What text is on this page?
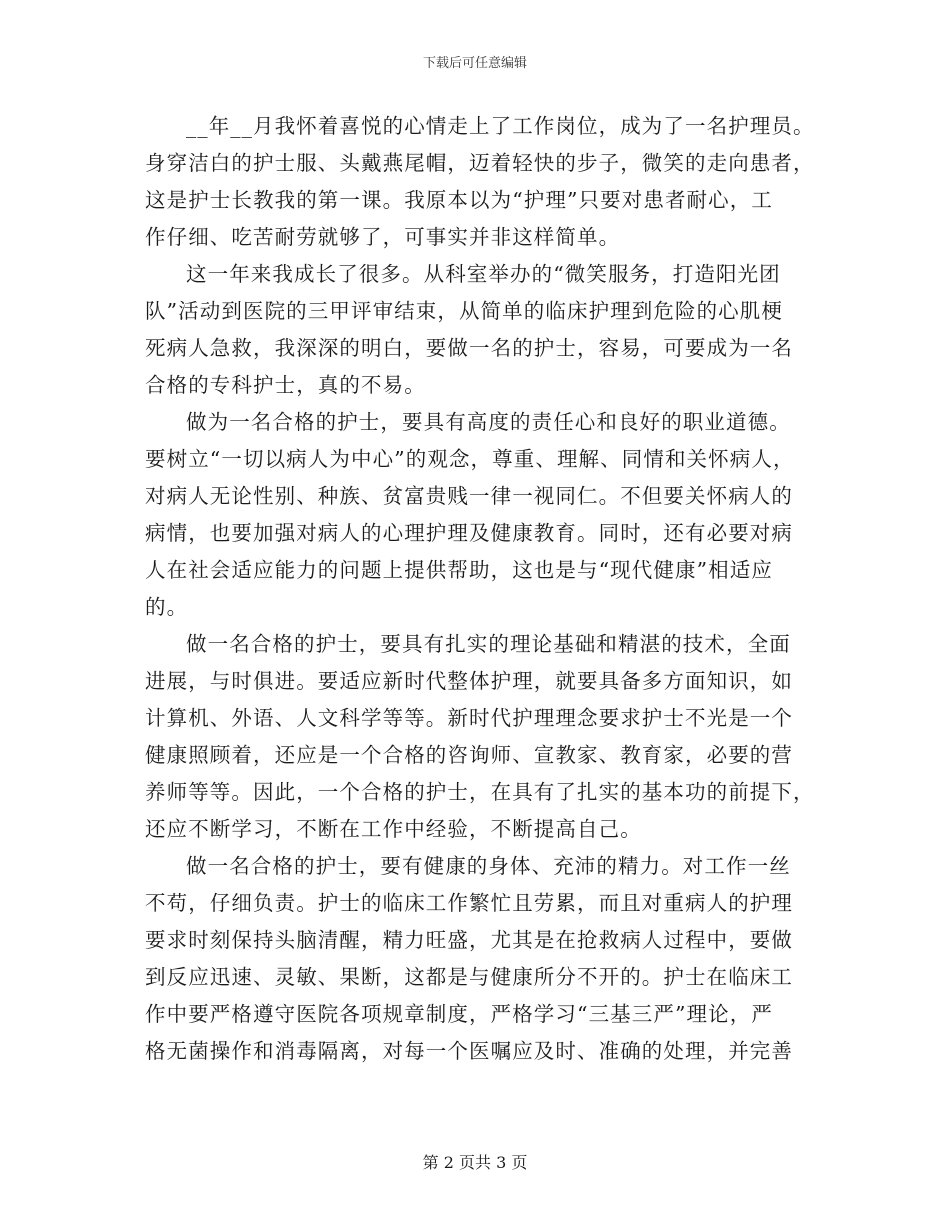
下载后可任意编辑
__年__月我怀着喜悦的心情走上了工作岗位，成为了一名护理员。
身穿洁白的护士服、头戴燕尾帽，迈着轻快的步子，微笑的走向患者，
这是护士长教我的第一课。我原本以为“护理”只要对患者耐心，工
作仔细、吃苦耐劳就够了，可事实并非这样简单。
这一年来我成长了很多。从科室举办的“微笑服务，打造阳光团
队”活动到医院的三甲评审结束，从简单的临床护理到危险的心肌梗
死病人急救，我深深的明白，要做一名的护士，容易，可要成为一名
合格的专科护士，真的不易。
做为一名合格的护士，要具有高度的责任心和良好的职业道德。
要树立“一切以病人为中心”的观念，尊重、理解、同情和关怀病人，
对病人无论性别、种族、贫富贵贱一律一视同仁。不但要关怀病人的
病情，也要加强对病人的心理护理及健康教育。同时，还有必要对病
人在社会适应能力的问题上提供帮助，这也是与“现代健康”相适应
的。
做一名合格的护士，要具有扎实的理论基础和精湛的技术，全面
进展，与时俱进。要适应新时代整体护理，就要具备多方面知识，如
计算机、外语、人文科学等等。新时代护理理念要求护士不光是一个
健康照顾着，还应是一个合格的咨询师、宣教家、教育家，必要的营
养师等等。因此，一个合格的护士，在具有了扎实的基本功的前提下，
还应不断学习，不断在工作中经验，不断提高自己。
做一名合格的护士，要有健康的身体、充沛的精力。对工作一丝
不苟，仔细负责。护士的临床工作繁忙且劳累，而且对重病人的护理
要求时刻保持头脑清醒，精力旺盛，尤其是在抢救病人过程中，要做
到反应迅速、灵敏、果断，这都是与健康所分不开的。护士在临床工
作中要严格遵守医院各项规章制度，严格学习“三基三严”理论，严
格无菌操作和消毒隔离，对每一个医嘱应及时、准确的处理，并完善
第 2 页共 3 页
